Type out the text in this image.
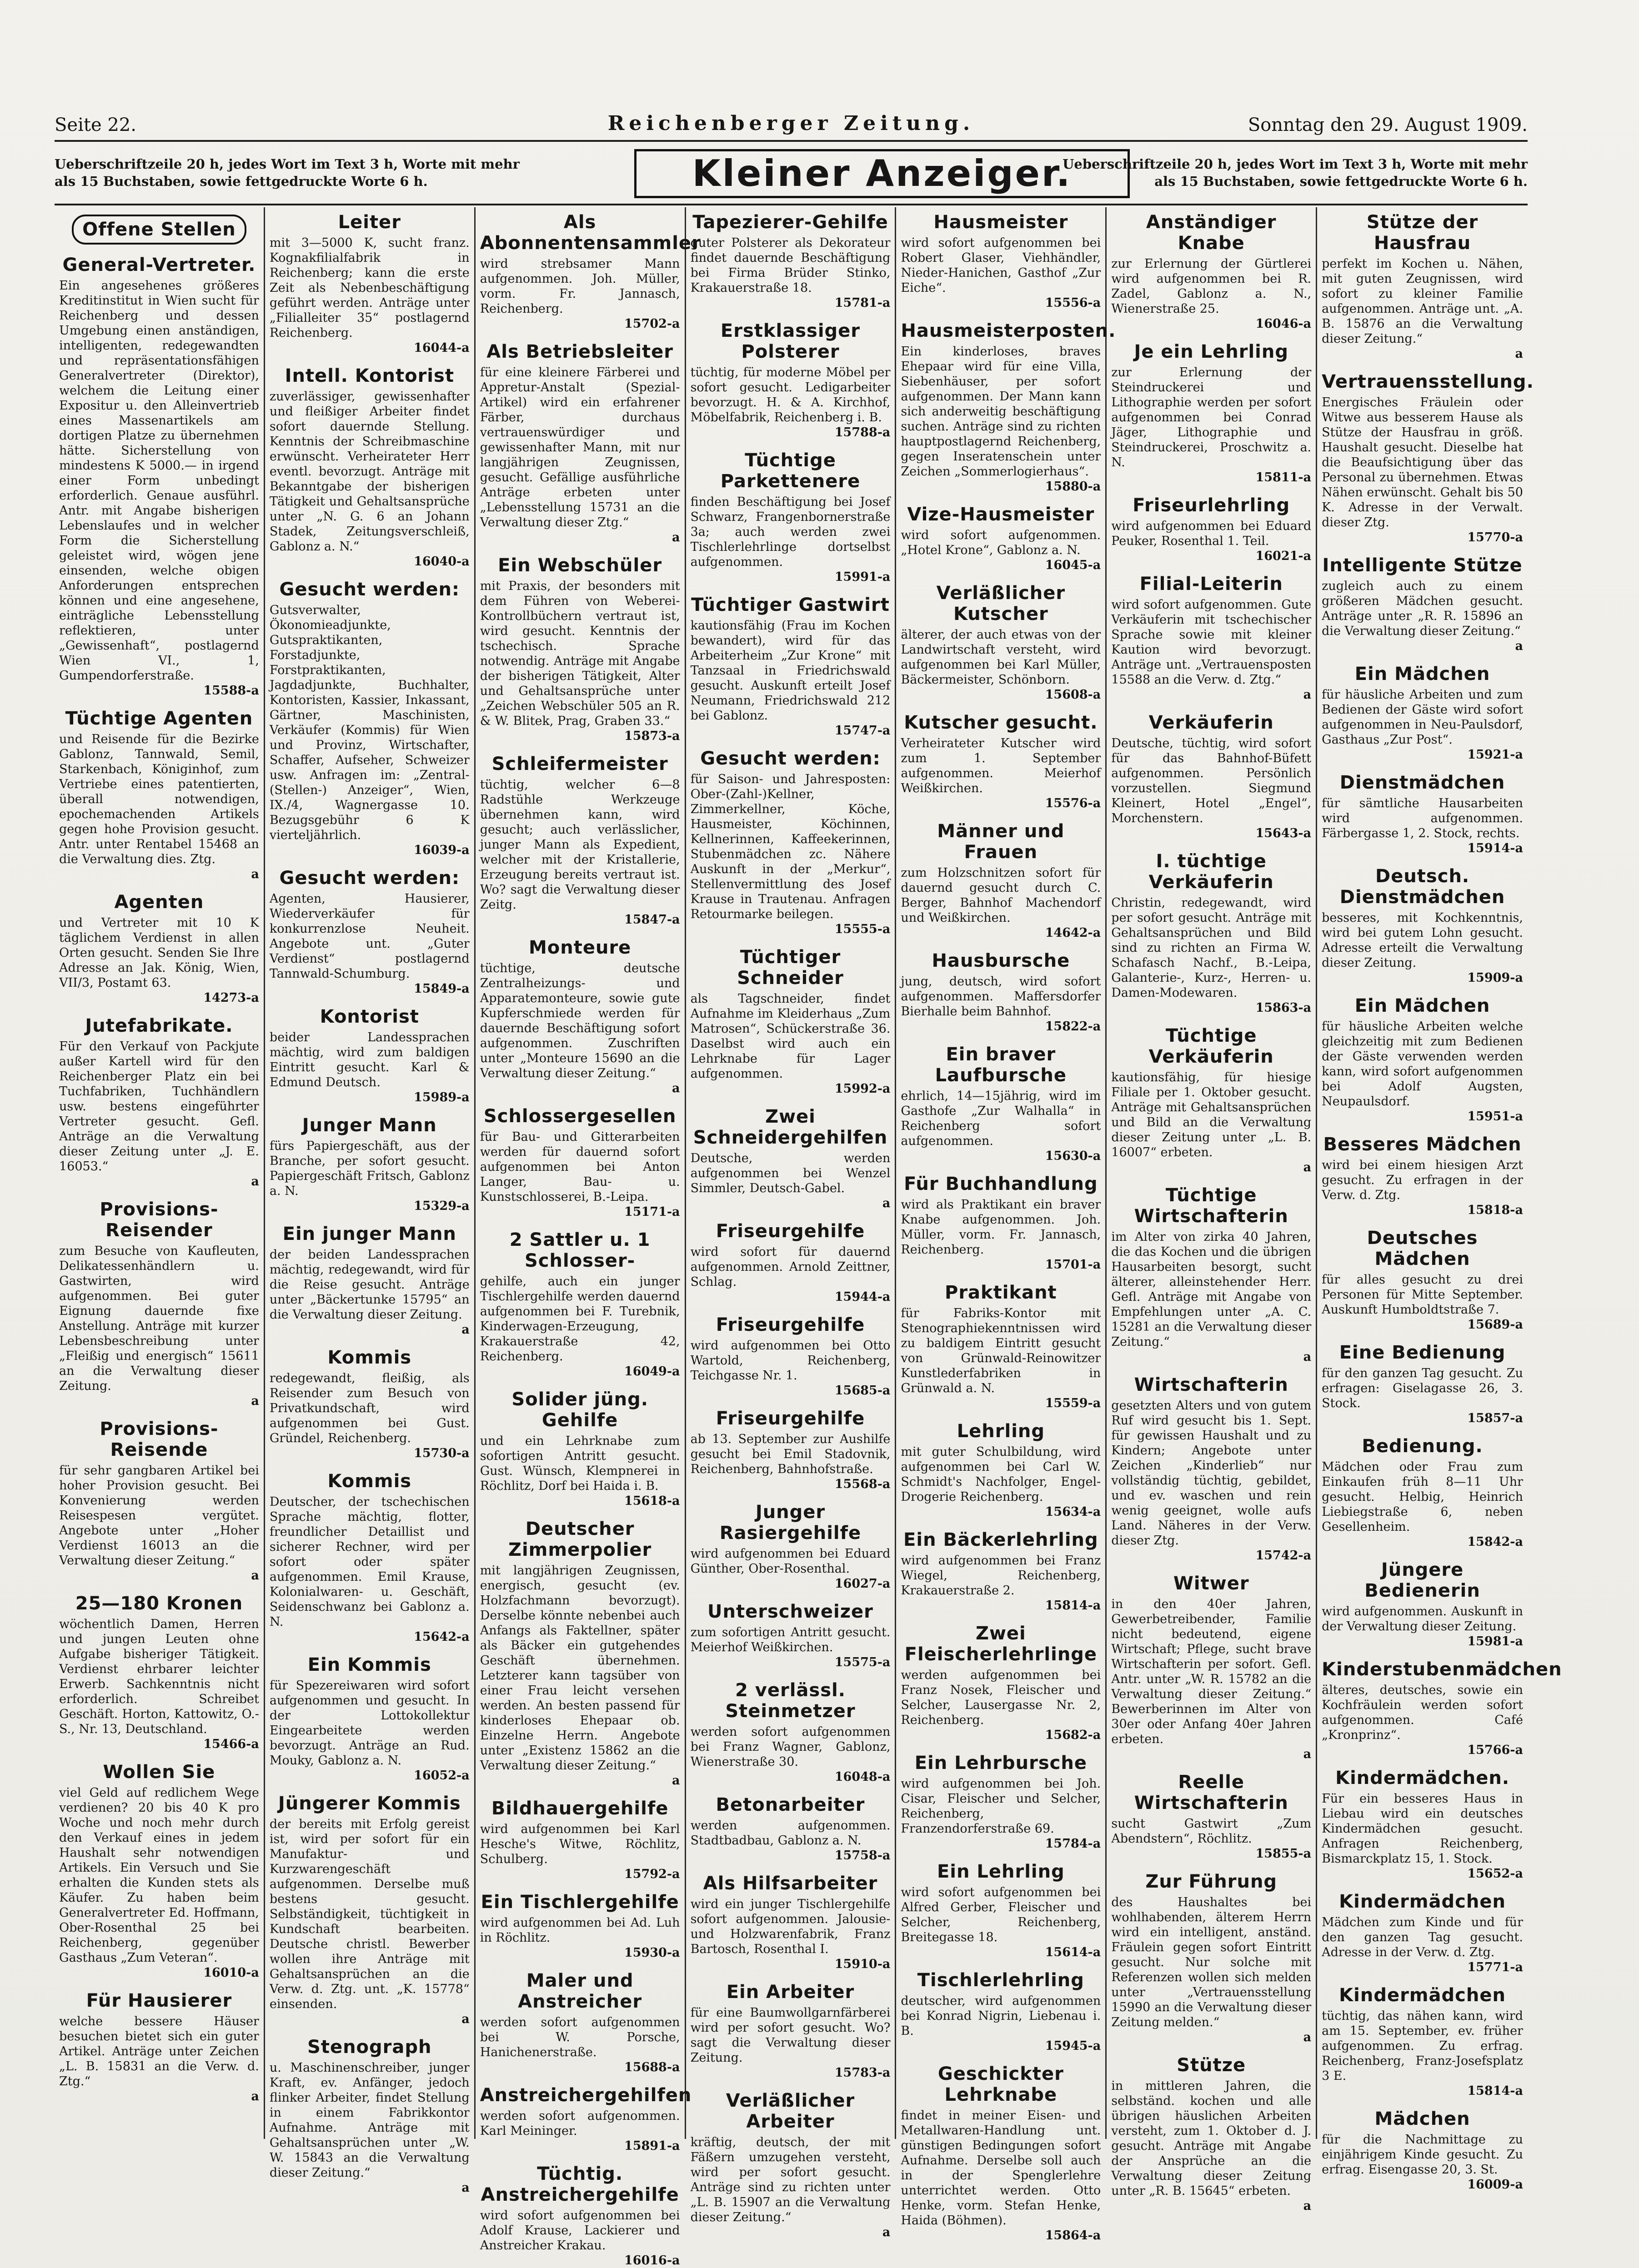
Seite 22.	Reichenberger Zeitung.	Sonntag den 29. August 1909.
Ueberschriftzeile 20 h, jedes Wort im Text 3 h, Worte mit mehr als 15 Buchstaben, sowie fettgedruckte Worte 6 h.	Kleiner Anzeiger.
Ueberschriftzeile 20 h, jedes Wort im Text 3 h, Worte mit mehr als 15 Buchstaben, sowie fettgedruckte Worte 6 h.
Offene Stellen
General-Vertreter.

Ein angesehenes größeres Kreditinstitut in Wien sucht für Reichenberg und dessen Umgebung einen anständigen, intelligenten, redegewandten und repräsentationsfähigen Generalvertreter (Direktor), welchem die Leitung einer Expositur u. den Alleinvertrieb eines Massenartikels am dortigen Platze zu übernehmen hätte. Sicherstellung von mindestens K 5000.— in irgend einer Form unbedingt erforderlich. Genaue ausführl. Antr. mit Angabe bisherigen Lebenslaufes und in welcher Form die Sicherstellung geleistet wird, wögen jene einsenden, welche obigen Anforderungen entsprechen können und eine angesehene, einträgliche Lebensstellung reflektieren, unter „Gewissenhaft“, postlagernd Wien VI., 1, Gumpendorferstraße.

15588-a
Tüchtige Agenten

und Reisende für die Bezirke Gablonz, Tannwald, Semil, Starkenbach, Königinhof, zum Vertriebe eines patentierten, überall notwendigen, epochemachenden Artikels gegen hohe Provision gesucht. Antr. unter Rentabel 15468 an die Verwaltung dies. Ztg.

a
Agenten

und Vertreter mit 10 K täglichem Verdienst in allen Orten gesucht. Senden Sie Ihre Adresse an Jak. König, Wien, VII/3, Postamt 63.

14273-a
Jutefabrikate.

Für den Verkauf von Packjute außer Kartell wird für den Reichenberger Platz ein bei Tuchfabriken, Tuchhändlern usw. bestens eingeführter Vertreter gesucht. Gefl. Anträge an die Verwaltung dieser Zeitung unter „J. E. 16053.“

a
Provisions-Reisender

zum Besuche von Kaufleuten, Delikatessenhändlern u. Gastwirten, wird aufgenommen. Bei guter Eignung dauernde fixe Anstellung. Anträge mit kurzer Lebensbeschreibung unter „Fleißig und energisch“ 15611 an die Verwaltung dieser Zeitung.

a
Provisions-Reisende

für sehr gangbaren Artikel bei hoher Provision gesucht. Bei Konvenierung werden Reisespesen vergütet. Angebote unter „Hoher Verdienst 16013 an die Verwaltung dieser Zeitung.“

a
25—180 Kronen

wöchentlich Damen, Herren und jungen Leuten ohne Aufgabe bisheriger Tätigkeit. Verdienst ehrbarer leichter Erwerb. Sachkenntnis nicht erforderlich. Schreibet Geschäft. Horton, Kattowitz, O.-S., Nr. 13, Deutschland.

15466-a
Wollen Sie

viel Geld auf redlichem Wege verdienen? 20 bis 40 K pro Woche und noch mehr durch den Verkauf eines in jedem Haushalt sehr notwendigen Artikels. Ein Versuch und Sie erhalten die Kunden stets als Käufer. Zu haben beim Generalvertreter Ed. Hoffmann, Ober-Rosenthal 25 bei Reichenberg, gegenüber Gasthaus „Zum Veteran“.

16010-a
Für Hausierer

welche bessere Häuser besuchen bietet sich ein guter Artikel. Anträge unter Zeichen „L. B. 15831 an die Verw. d. Ztg.“

a
Leiter

mit 3—5000 K, sucht franz. Kognakfilialfabrik in Reichenberg; kann die erste Zeit als Nebenbeschäftigung geführt werden. Anträge unter „Filialleiter 35“ postlagernd Reichenberg.

16044-a
Intell. Kontorist

zuverlässiger, gewissenhafter und fleißiger Arbeiter findet sofort dauernde Stellung. Kenntnis der Schreibmaschine erwünscht. Verheirateter Herr eventl. bevorzugt. Anträge mit Bekanntgabe der bisherigen Tätigkeit und Gehaltsansprüche unter „N. G. 6 an Johann Stadek, Zeitungsverschleiß, Gablonz a. N.“

16040-a
Gesucht werden:

Gutsverwalter, Ökonomieadjunkte, Gutspraktikanten, Forstadjunkte, Forstpraktikanten, Jagdadjunkte, Buchhalter, Kontoristen, Kassier, Inkassant, Gärtner, Maschinisten, Verkäufer (Kommis) für Wien und Provinz, Wirtschafter, Schaffer, Aufseher, Schweizer usw. Anfragen im: „Zentral-(Stellen-) Anzeiger“, Wien, IX./4, Wagnergasse 10. Bezugsgebühr 6 K vierteljährlich.

16039-a
Gesucht werden:

Agenten, Hausierer, Wiederverkäufer für konkurrenzlose Neuheit. Angebote unt. „Guter Verdienst“ postlagernd Tannwald-Schumburg.

15849-a
Kontorist

beider Landessprachen mächtig, wird zum baldigen Eintritt gesucht. Karl & Edmund Deutsch.

15989-a
Junger Mann

fürs Papiergeschäft, aus der Branche, per sofort gesucht. Papiergeschäft Fritsch, Gablonz a. N.

15329-a
Ein junger Mann

der beiden Landessprachen mächtig, redegewandt, wird für die Reise gesucht. Anträge unter „Bäckertunke 15795“ an die Verwaltung dieser Zeitung.

a
Kommis

redegewandt, fleißig, als Reisender zum Besuch von Privatkundschaft, wird aufgenommen bei Gust. Gründel, Reichenberg.

15730-a
Kommis

Deutscher, der tschechischen Sprache mächtig, flotter, freundlicher Detaillist und sicherer Rechner, wird per sofort oder später aufgenommen. Emil Krause, Kolonialwaren- u. Geschäft, Seidenschwanz bei Gablonz a. N.

15642-a
Ein Kommis

für Spezereiwaren wird sofort aufgenommen und gesucht. In der Lottokollektur Eingearbeitete werden bevorzugt. Anträge an Rud. Mouky, Gablonz a. N.

16052-a
Jüngerer Kommis

der bereits mit Erfolg gereist ist, wird per sofort für ein Manufaktur- und Kurzwarengeschäft aufgenommen. Derselbe muß bestens gesucht. Selbständigkeit, tüchtigkeit in Kundschaft bearbeiten. Deutsche christl. Bewerber wollen ihre Anträge mit Gehaltsansprüchen an die Verw. d. Ztg. unt. „K. 15778“ einsenden.

a
Stenograph

u. Maschinenschreiber, junger Kraft, ev. Anfänger, jedoch flinker Arbeiter, findet Stellung in einem Fabrikkontor Aufnahme. Anträge mit Gehaltsansprüchen unter „W. W. 15843 an die Verwaltung dieser Zeitung.“

a
Als Abonnentensammler

wird strebsamer Mann aufgenommen. Joh. Müller, vorm. Fr. Jannasch, Reichenberg.

15702-a
Als Betriebsleiter

für eine kleinere Färberei und Appretur-Anstalt (Spezial-Artikel) wird ein erfahrener Färber, durchaus vertrauenswürdiger und gewissenhafter Mann, mit nur langjährigen Zeugnissen, gesucht. Gefällige ausführliche Anträge erbeten unter „Lebensstellung 15731 an die Verwaltung dieser Ztg.“

a
Ein Webschüler

mit Praxis, der besonders mit dem Führen von Weberei-Kontrollbüchern vertraut ist, wird gesucht. Kenntnis der tschechisch. Sprache notwendig. Anträge mit Angabe der bisherigen Tätigkeit, Alter und Gehaltsansprüche unter „Zeichen Webschüler 505 an R. & W. Blitek, Prag, Graben 33.“

15873-a
Schleifermeister

tüchtig, welcher 6—8 Radstühle Werkzeuge übernehmen kann, wird gesucht; auch verlässlicher, junger Mann als Expedient, welcher mit der Kristallerie, Erzeugung bereits vertraut ist. Wo? sagt die Verwaltung dieser Zeitg.

15847-a
Monteure

tüchtige, deutsche Zentralheizungs- und Apparatemonteure, sowie gute Kupferschmiede werden für dauernde Beschäftigung sofort aufgenommen. Zuschriften unter „Monteure 15690 an die Verwaltung dieser Zeitung.“

a
Schlossergesellen

für Bau- und Gitterarbeiten werden für dauernd sofort aufgenommen bei Anton Langer, Bau- u. Kunstschlosserei, B.-Leipa.

15171-a
2 Sattler u. 1 Schlosser-

gehilfe, auch ein junger Tischlergehilfe werden dauernd aufgenommen bei F. Turebnik, Kinderwagen-Erzeugung, Krakauerstraße 42, Reichenberg.

16049-a
Solider jüng. Gehilfe

und ein Lehrknabe zum sofortigen Antritt gesucht. Gust. Wünsch, Klempnerei in Röchlitz, Dorf bei Haida i. B.

15618-a
Deutscher Zimmerpolier

mit langjährigen Zeugnissen, energisch, gesucht (ev. Holzfachmann bevorzugt). Derselbe könnte nebenbei auch Anfangs als Faktellner, später als Bäcker ein gutgehendes Geschäft übernehmen. Letzterer kann tagsüber von einer Frau leicht versehen werden. An besten passend für kinderloses Ehepaar ob. Einzelne Herrn. Angebote unter „Existenz 15862 an die Verwaltung dieser Zeitung.“

a
Bildhauergehilfe

wird aufgenommen bei Karl Hesche's Witwe, Röchlitz, Schulberg.

15792-a
Ein Tischlergehilfe

wird aufgenommen bei Ad. Luh in Röchlitz.

15930-a
Maler und Anstreicher

werden sofort aufgenommen bei W. Porsche, Hanichenerstraße.

15688-a
Anstreichergehilfen

werden sofort aufgenommen. Karl Meininger.

15891-a
Tüchtig. Anstreichergehilfe

wird sofort aufgenommen bei Adolf Krause, Lackierer und Anstreicher Krakau.

16016-a
Tapezierer-Gehilfe

guter Polsterer als Dekorateur findet dauernde Beschäftigung bei Firma Brüder Stinko, Krakauerstraße 18.

15781-a
Erstklassiger Polsterer

tüchtig, für moderne Möbel per sofort gesucht. Ledigarbeiter bevorzugt. H. & A. Kirchhof, Möbelfabrik, Reichenberg i. B.

15788-a
Tüchtige Parkettenere

finden Beschäftigung bei Josef Schwarz, Frangenbornerstraße 3a; auch werden zwei Tischlerlehrlinge dortselbst aufgenommen.

15991-a
Tüchtiger Gastwirt

kautionsfähig (Frau im Kochen bewandert), wird für das Arbeiterheim „Zur Krone“ mit Tanzsaal in Friedrichswald gesucht. Auskunft erteilt Josef Neumann, Friedrichswald 212 bei Gablonz.

15747-a
Gesucht werden:

für Saison- und Jahresposten: Ober-(Zahl-)Kellner, Zimmerkellner, Köche, Hausmeister, Köchinnen, Kellnerinnen, Kaffeekerinnen, Stubenmädchen zc. Nähere Auskunft in der „Merkur“, Stellenvermittlung des Josef Krause in Trautenau. Anfragen Retourmarke beilegen.

15555-a
Tüchtiger Schneider

als Tagschneider, findet Aufnahme im Kleiderhaus „Zum Matrosen“, Schückerstraße 36. Daselbst wird auch ein Lehrknabe für Lager aufgenommen.

15992-a
Zwei Schneidergehilfen

Deutsche, werden aufgenommen bei Wenzel Simmler, Deutsch-Gabel.

a
Friseurgehilfe

wird sofort für dauernd aufgenommen. Arnold Zeittner, Schlag.

15944-a
Friseurgehilfe

wird aufgenommen bei Otto Wartold, Reichenberg, Teichgasse Nr. 1.

15685-a
Friseurgehilfe

ab 13. September zur Aushilfe gesucht bei Emil Stadovnik, Reichenberg, Bahnhofstraße.

15568-a
Junger Rasiergehilfe

wird aufgenommen bei Eduard Günther, Ober-Rosenthal.

16027-a
Unterschweizer

zum sofortigen Antritt gesucht. Meierhof Weißkirchen.

15575-a
2 verlässl. Steinmetzer

werden sofort aufgenommen bei Franz Wagner, Gablonz, Wienerstraße 30.

16048-a
Betonarbeiter

werden aufgenommen. Stadtbadbau, Gablonz a. N.

15758-a
Als Hilfsarbeiter

wird ein junger Tischlergehilfe sofort aufgenommen. Jalousie- und Holzwarenfabrik, Franz Bartosch, Rosenthal I.

15910-a
Ein Arbeiter

für eine Baumwollgarnfärberei wird per sofort gesucht. Wo? sagt die Verwaltung dieser Zeitung.

15783-a
Verläßlicher Arbeiter

kräftig, deutsch, der mit Fäßern umzugehen versteht, wird per sofort gesucht. Anträge sind zu richten unter „L. B. 15907 an die Verwaltung dieser Zeitung.“

a
Hausmeister

wird sofort aufgenommen bei Robert Glaser, Viehhändler, Nieder-Hanichen, Gasthof „Zur Eiche“.

15556-a
Hausmeisterposten.

Ein kinderloses, braves Ehepaar wird für eine Villa, Siebenhäuser, per sofort aufgenommen. Der Mann kann sich anderweitig beschäftigung suchen. Anträge sind zu richten hauptpostlagernd Reichenberg, gegen Inseratenschein unter Zeichen „Sommerlogierhaus“.

15880-a
Vize-Hausmeister

wird sofort aufgenommen. „Hotel Krone“, Gablonz a. N.

16045-a
Verläßlicher Kutscher

älterer, der auch etwas von der Landwirtschaft versteht, wird aufgenommen bei Karl Müller, Bäckermeister, Schönborn.

15608-a
Kutscher gesucht.

Verheirateter Kutscher wird zum 1. September aufgenommen. Meierhof Weißkirchen.

15576-a
Männer und Frauen

zum Holzschnitzen sofort für dauernd gesucht durch C. Berger, Bahnhof Machendorf und Weißkirchen.

14642-a
Hausbursche

jung, deutsch, wird sofort aufgenommen. Maffersdorfer Bierhalle beim Bahnhof.

15822-a
Ein braver Laufbursche

ehrlich, 14—15jährig, wird im Gasthofe „Zur Walhalla“ in Reichenberg sofort aufgenommen.

15630-a
Für Buchhandlung

wird als Praktikant ein braver Knabe aufgenommen. Joh. Müller, vorm. Fr. Jannasch, Reichenberg.

15701-a
Praktikant

für Fabriks-Kontor mit Stenographiekenntnissen wird zu baldigem Eintritt gesucht von Grünwald-Reinowitzer Kunstlederfabriken in Grünwald a. N.

15559-a
Lehrling

mit guter Schulbildung, wird aufgenommen bei Carl W. Schmidt's Nachfolger, Engel-Drogerie Reichenberg.

15634-a
Ein Bäckerlehrling

wird aufgenommen bei Franz Wiegel, Reichenberg, Krakauerstraße 2.

15814-a
Zwei Fleischerlehrlinge

werden aufgenommen bei Franz Nosek, Fleischer und Selcher, Lausergasse Nr. 2, Reichenberg.

15682-a
Ein Lehrbursche

wird aufgenommen bei Joh. Cisar, Fleischer und Selcher, Reichenberg, Franzendorferstraße 69.

15784-a
Ein Lehrling

wird sofort aufgenommen bei Alfred Gerber, Fleischer und Selcher, Reichenberg, Breitegasse 18.

15614-a
Tischlerlehrling

deutscher, wird aufgenommen bei Konrad Nigrin, Liebenau i. B.

15945-a
Geschickter Lehrknabe

findet in meiner Eisen- und Metallwaren-Handlung unt. günstigen Bedingungen sofort Aufnahme. Derselbe soll auch in der Spenglerlehre unterrichtet werden. Otto Henke, vorm. Stefan Henke, Haida (Böhmen).

15864-a
Anständiger Knabe

zur Erlernung der Gürtlerei wird aufgenommen bei R. Zadel, Gablonz a. N., Wienerstraße 25.

16046-a
Je ein Lehrling

zur Erlernung der Steindruckerei und Lithographie werden per sofort aufgenommen bei Conrad Jäger, Lithographie und Steindruckerei, Proschwitz a. N.

15811-a
Friseurlehrling

wird aufgenommen bei Eduard Peuker, Rosenthal 1. Teil.

16021-a
Filial-Leiterin

wird sofort aufgenommen. Gute Verkäuferin mit tschechischer Sprache sowie mit kleiner Kaution wird bevorzugt. Anträge unt. „Vertrauensposten 15588 an die Verw. d. Ztg.“

a
Verkäuferin

Deutsche, tüchtig, wird sofort für das Bahnhof-Büfett aufgenommen. Persönlich vorzustellen. Siegmund Kleinert, Hotel „Engel“, Morchenstern.

15643-a
I. tüchtige Verkäuferin

Christin, redegewandt, wird per sofort gesucht. Anträge mit Gehaltsansprüchen und Bild sind zu richten an Firma W. Schafasch Nachf., B.-Leipa, Galanterie-, Kurz-, Herren- u. Damen-Modewaren.

15863-a
Tüchtige Verkäuferin

kautionsfähig, für hiesige Filiale per 1. Oktober gesucht. Anträge mit Gehaltsansprüchen und Bild an die Verwaltung dieser Zeitung unter „L. B. 16007“ erbeten.

a
Tüchtige Wirtschafterin

im Alter von zirka 40 Jahren, die das Kochen und die übrigen Hausarbeiten besorgt, sucht älterer, alleinstehender Herr. Gefl. Anträge mit Angabe von Empfehlungen unter „A. C. 15281 an die Verwaltung dieser Zeitung.“

a
Wirtschafterin

gesetzten Alters und von gutem Ruf wird gesucht bis 1. Sept. für gewissen Haushalt und zu Kindern; Angebote unter Zeichen „Kinderlieb“ nur vollständig tüchtig, gebildet, und ev. waschen und rein wenig geeignet, wolle aufs Land. Näheres in der Verw. dieser Ztg.

15742-a
Witwer

in den 40er Jahren, Gewerbetreibender, Familie nicht bedeutend, eigene Wirtschaft; Pflege, sucht brave Wirtschafterin per sofort. Gefl. Antr. unter „W. R. 15782 an die Verwaltung dieser Zeitung.“ Bewerberinnen im Alter von 30er oder Anfang 40er Jahren erbeten.

a
Reelle Wirtschafterin

sucht Gastwirt „Zum Abendstern“, Röchlitz.

15855-a
Zur Führung

des Haushaltes bei wohlhabenden, älterem Herrn wird ein intelligent, anständ. Fräulein gegen sofort Eintritt gesucht. Nur solche mit Referenzen wollen sich melden unter „Vertrauensstellung 15990 an die Verwaltung dieser Zeitung melden.“

a
Stütze

in mittleren Jahren, die selbständ. kochen und alle übrigen häuslichen Arbeiten versteht, zum 1. Oktober d. J. gesucht. Anträge mit Angabe der Ansprüche an die Verwaltung dieser Zeitung unter „R. B. 15645“ erbeten.

a
Stütze der Hausfrau

perfekt im Kochen u. Nähen, mit guten Zeugnissen, wird sofort zu kleiner Familie aufgenommen. Anträge unt. „A. B. 15876 an die Verwaltung dieser Zeitung.“

a
Vertrauensstellung.

Energisches Fräulein oder Witwe aus besserem Hause als Stütze der Hausfrau in größ. Haushalt gesucht. Dieselbe hat die Beaufsichtigung über das Personal zu übernehmen. Etwas Nähen erwünscht. Gehalt bis 50 K. Adresse in der Verwalt. dieser Ztg.

15770-a
Intelligente Stütze

zugleich auch zu einem größeren Mädchen gesucht. Anträge unter „R. R. 15896 an die Verwaltung dieser Zeitung.“

a
Ein Mädchen

für häusliche Arbeiten und zum Bedienen der Gäste wird sofort aufgenommen in Neu-Paulsdorf, Gasthaus „Zur Post“.

15921-a
Dienstmädchen

für sämtliche Hausarbeiten wird aufgenommen. Färbergasse 1, 2. Stock, rechts.

15914-a
Deutsch. Dienstmädchen

besseres, mit Kochkenntnis, wird bei gutem Lohn gesucht. Adresse erteilt die Verwaltung dieser Zeitung.

15909-a
Ein Mädchen

für häusliche Arbeiten welche gleichzeitig mit zum Bedienen der Gäste verwenden werden kann, wird sofort aufgenommen bei Adolf Augsten, Neupaulsdorf.

15951-a
Besseres Mädchen

wird bei einem hiesigen Arzt gesucht. Zu erfragen in der Verw. d. Ztg.

15818-a
Deutsches Mädchen

für alles gesucht zu drei Personen für Mitte September. Auskunft Humboldtstraße 7.

15689-a
Eine Bedienung

für den ganzen Tag gesucht. Zu erfragen: Giselagasse 26, 3. Stock.

15857-a
Bedienung.

Mädchen oder Frau zum Einkaufen früh 8—11 Uhr gesucht. Helbig, Heinrich Liebiegstraße 6, neben Gesellenheim.

15842-a
Jüngere Bedienerin

wird aufgenommen. Auskunft in der Verwaltung dieser Zeitung.

15981-a
Kinderstubenmädchen

älteres, deutsches, sowie ein Kochfräulein werden sofort aufgenommen. Café „Kronprinz“.

15766-a
Kindermädchen.

Für ein besseres Haus in Liebau wird ein deutsches Kindermädchen gesucht. Anfragen Reichenberg, Bismarckplatz 15, 1. Stock.

15652-a
Kindermädchen

Mädchen zum Kinde und für den ganzen Tag gesucht. Adresse in der Verw. d. Ztg.

15771-a
Kindermädchen

tüchtig, das nähen kann, wird am 15. September, ev. früher aufgenommen. Zu erfrag. Reichenberg, Franz-Josefsplatz 3 E.

15814-a
Mädchen

für die Nachmittage zu einjährigem Kinde gesucht. Zu erfrag. Eisengasse 20, 3. St.

16009-a
